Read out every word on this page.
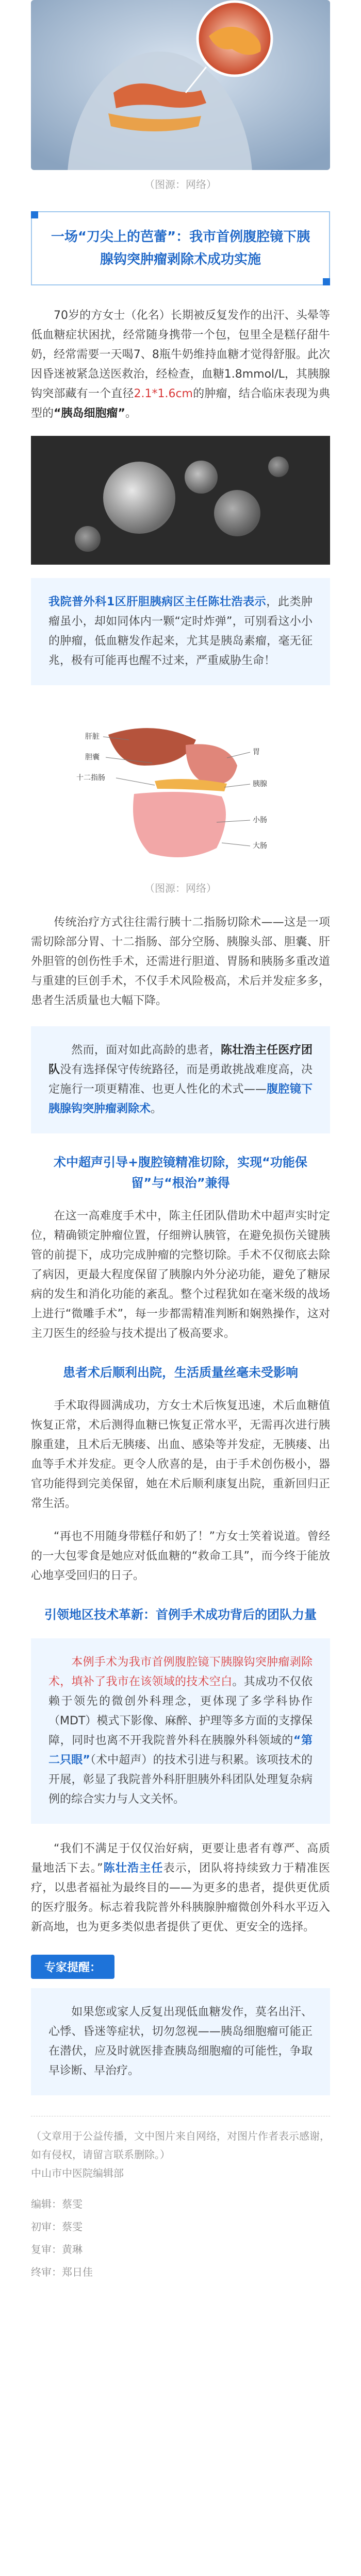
（图源：网络）
一场“刀尖上的芭蕾”：我市首例腹腔镜下胰腺钩突肿瘤剥除术成功实施

70岁的方女士（化名）长期被反复发作的出汗、头晕等低血糖症状困扰，经常随身携带一个包，包里全是糕仔甜牛奶，经常需要一天喝7、8瓶牛奶维持血糖才觉得舒服。此次因昏迷被紧急送医救治，经检查，血糖1.8mmol/L，其胰腺钩突部藏有一个直径2.1*1.6cm的肿瘤，结合临床表现为典型的“胰岛细胞瘤”。

我院普外科1区肝胆胰病区主任陈壮浩表示，此类肿瘤虽小，却如同体内一颗“定时炸弹”，可别看这小小的肿瘤，低血糖发作起来，尤其是胰岛素瘤，毫无征兆，极有可能再也醒不过来，严重威胁生命！

肝脏
胆囊
十二指肠
胃
胰腺
小肠
大肠
（图源：网络）

传统治疗方式往往需行胰十二指肠切除术——这是一项需切除部分胃、十二指肠、部分空肠、胰腺头部、胆囊、肝外胆管的创伤性手术，还需进行胆道、胃肠和胰肠多重改道与重建的巨创手术，不仅手术风险极高，术后并发症多多，患者生活质量也大幅下降。

然而，面对如此高龄的患者，陈壮浩主任医疗团队没有选择保守传统路径，而是勇敢挑战难度高，决定施行一项更精准、也更人性化的术式——腹腔镜下胰腺钩突肿瘤剥除术。

术中超声引导+腹腔镜精准切除，实现“功能保留”与“根治”兼得

在这一高难度手术中，陈主任团队借助术中超声实时定位，精确锁定肿瘤位置，仔细辨认胰管，在避免损伤关键胰管的前提下，成功完成肿瘤的完整切除。手术不仅彻底去除了病因，更最大程度保留了胰腺内外分泌功能，避免了糖尿病的发生和消化功能的紊乱。整个过程犹如在毫米级的战场上进行“微雕手术”，每一步都需精准判断和娴熟操作，这对主刀医生的经验与技术提出了极高要求。

患者术后顺利出院，生活质量丝毫未受影响

手术取得圆满成功，方女士术后恢复迅速，术后血糖值恢复正常，术后测得血糖已恢复正常水平，无需再次进行胰腺重建，且术后无胰瘘、出血、感染等并发症，无胰瘘、出血等手术并发症。更令人欣喜的是，由于手术创伤极小，器官功能得到完美保留，她在术后顺利康复出院，重新回归正常生活。

“再也不用随身带糕仔和奶了！”方女士笑着说道。曾经的一大包零食是她应对低血糖的“救命工具”，而今终于能放心地享受回归的日子。

引领地区技术革新：首例手术成功背后的团队力量

本例手术为我市首例腹腔镜下胰腺钩突肿瘤剥除术，填补了我市在该领域的技术空白。其成功不仅依赖于领先的微创外科理念，更体现了多学科协作（MDT）模式下影像、麻醉、护理等多方面的支撑保障，同时也离不开我院普外科在胰腺外科领域的“第二只眼”（术中超声）的技术引进与积累。该项技术的开展，彰显了我院普外科肝胆胰外科团队处理复杂病例的综合实力与人文关怀。

“我们不满足于仅仅治好病，更要让患者有尊严、高质量地活下去。”陈壮浩主任表示，团队将持续致力于精准医疗，以患者福祉为最终目的——为更多的患者，提供更优质的医疗服务。标志着我院普外科胰腺肿瘤微创外科水平迈入新高地，也为更多类似患者提供了更优、更安全的选择。

专家提醒：

如果您或家人反复出现低血糖发作，莫名出汗、心悸、昏迷等症状，切勿忽视——胰岛细胞瘤可能正在潜伏，应及时就医排查胰岛细胞瘤的可能性，争取早诊断、早治疗。

（文章用于公益传播，文中图片来自网络，对图片作者表示感谢，如有侵权，请留言联系删除。）

中山市中医院编辑部

编辑：蔡雯
初审：蔡雯
复审：黄琳
终审：郑日佳
